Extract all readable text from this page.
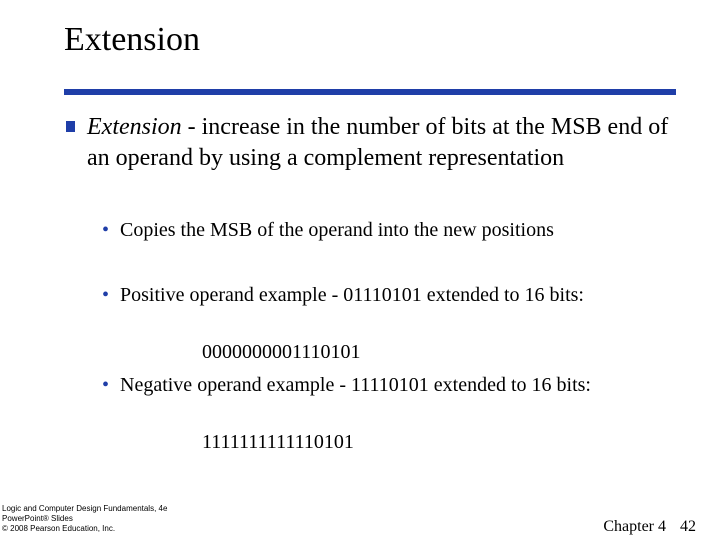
Extension
Extension - increase in the number of bits at the MSB end of an operand by using a complement representation
• Copies the MSB of the operand into the new positions
• Positive operand example - 01110101 extended to 16 bits:
0000000001110101
• Negative operand example - 11110101 extended to 16 bits:
1111111111110101
Logic and Computer Design Fundamentals, 4e
PowerPoint® Slides
© 2008 Pearson Education, Inc.	Chapter 4 42
